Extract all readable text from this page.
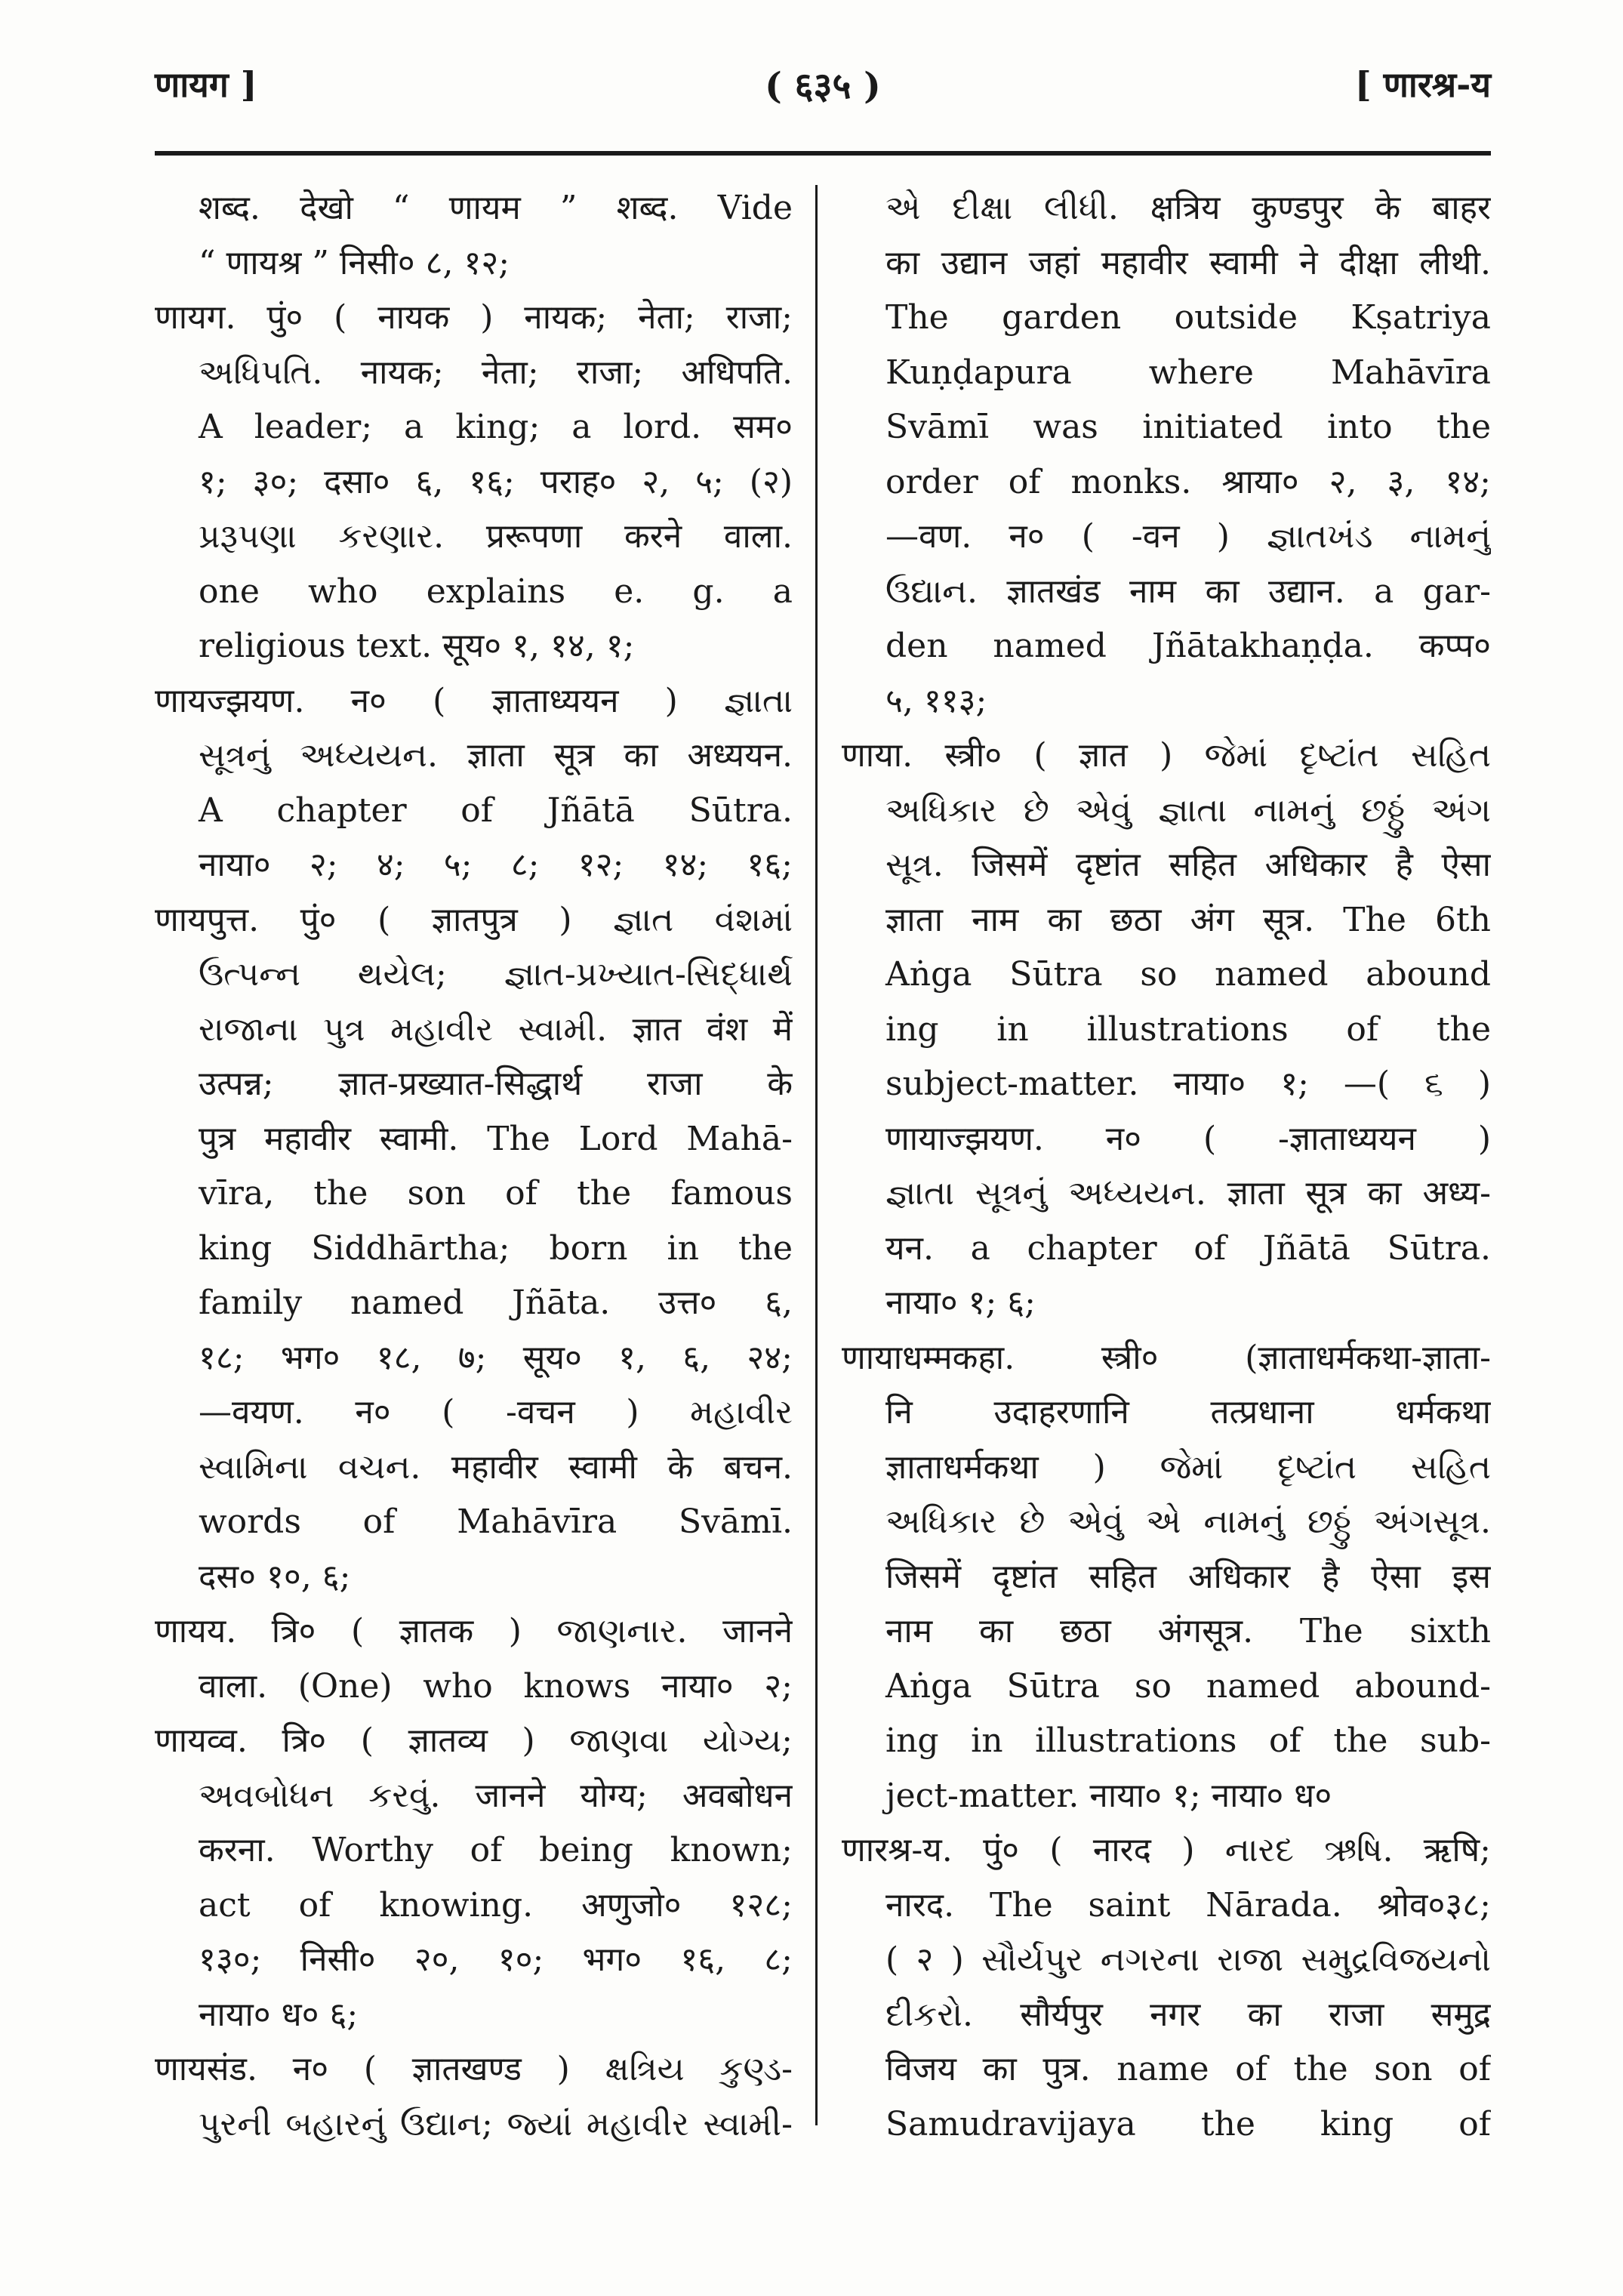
णायग ]	( ६३५ )	[ णारश्र-य
शब्द. देखो “ णायम ” शब्द. Vide
“ णायश्र ” निसी० ८, १२;
णायग. पुं० ( नायक ) नायक; नेता; राजा;
અધિપતિ. नायक; नेता; राजा; अधिपति.
A leader; a king; a lord. सम०
१; ३०; दसा० ६, १६; पराह० २, ५; (२)
પ્રરૂપણા કરણાર. प्ररूपणा करने वाला.
one who explains e. g. a
religious text. सूय० १, १४, १;
णायज्झयण. न० ( ज्ञाताध्ययन ) જ્ઞાતા
સૂત્રનું અધ્યયન. ज्ञाता सूत्र का अध्ययन.
A chapter of Jñātā Sūtra.
नाया० २; ४; ५; ८; १२; १४; १६;
णायपुत्त. पुं० ( ज्ञातपुत्र ) જ્ઞાત વંશમાં
ઉત્પન્ન થયેલ; જ્ઞાત-પ્રખ્યાત-સિદ્ધાર્થ
રાજાના પુત્ર મહાવીર સ્વામી. ज्ञात वंश में
उत्पन्न; ज्ञात-प्रख्यात-सिद्धार्थ राजा के
पुत्र महावीर स्वामी. The Lord Mahā-
vīra, the son of the famous
king Siddhārtha; born in the
family named Jñāta. उत्त० ६,
१८; भग० १८, ७; सूय० १, ६, २४;
—वयण. न० ( -वचन ) મહાવીર
સ્વામિના વચન. महावीर स्वामी के बचन.
words of Mahāvīra Svāmī.
दस० १०, ६;
णायय. त्रि० ( ज्ञातक ) જાણનાર. जानने
वाला. (One) who knows नाया० २;
णायव्व. त्रि० ( ज्ञातव्य ) જાણવા યોગ્ય;
અવબોધન કરવું. जानने योग्य; अवबोधन
करना. Worthy of being known;
act of knowing. अणुजो० १२८;
१३०; निसी० २०, १०; भग० १६, ८;
नाया० ध० ६;
णायसंड. न० ( ज्ञातखण्ड ) ક્ષત્રિય કુણ્ડ-
પુરની બહારનું ઉદ્યાન; જ્યાં મહાવીર સ્વામી-
એ દીક્ષા લીધી. क्षत्रिय कुण्डपुर के बाहर
का उद्यान जहां महावीर स्वामी ने दीक्षा लीथी.
The garden outside Kṣatriya
Kuṇḍapura where Mahāvīra
Svāmī was initiated into the
order of monks. श्राया० २, ३, १४;
—वण. न० ( -वन ) જ્ઞાતખંડ નામનું
ઉદ્યાન. ज्ञातखंड नाम का उद्यान. a gar-
den named Jñātakhaṇḍa. कप्प०
५, ११३;
णाया. स्त्री० ( ज्ञात ) જેમાં દૃષ્ટાંત સહિત
અધિકાર છે એવું જ્ઞાતા નામનું છઠ્ઠું અંગ
સૂત્ર. जिसमें दृष्टांत सहित अधिकार है ऐसा
ज्ञाता नाम का छठा अंग सूत्र. The 6th
Aṅga Sūtra so named abound
ing in illustrations of the
subject-matter. नाया० १; —( ૬ )
णायाज्झयण. न० ( -ज्ञाताध्ययन )
જ્ઞાતા સૂત્રનું અધ્યયન. ज्ञाता सूत्र का अध्य-
यन. a chapter of Jñātā Sūtra.
नाया० १; ६;
णायाधम्मकहा. स्त्री० (ज्ञाताधर्मकथा-ज्ञाता-
नि उदाहरणानि तत्प्रधाना धर्मकथा
ज्ञाताधर्मकथा ) જેમાં દૃષ્ટાંત સહિત
અધિકાર છે એવું એ નામનું છઠ્ઠું અંગસૂત્ર.
जिसमें दृष्टांत सहित अधिकार है ऐसा इस
नाम का छठा अंगसूत्र. The sixth
Aṅga Sūtra so named abound-
ing in illustrations of the sub-
ject-matter. नाया० १; नाया० ध०
णारश्र-य. पुं० ( नारद ) નારદ ઋષિ. ऋषि;
नारद. The saint Nārada. श्रोव०३८;
( २ ) સૌર્યપુર નગરના રાજા સમુદ્રવિજયનો
દીકરો. सौर्यपुर नगर का राजा समुद्र
विजय का पुत्र. name of the son of
Samudravijaya the king of
